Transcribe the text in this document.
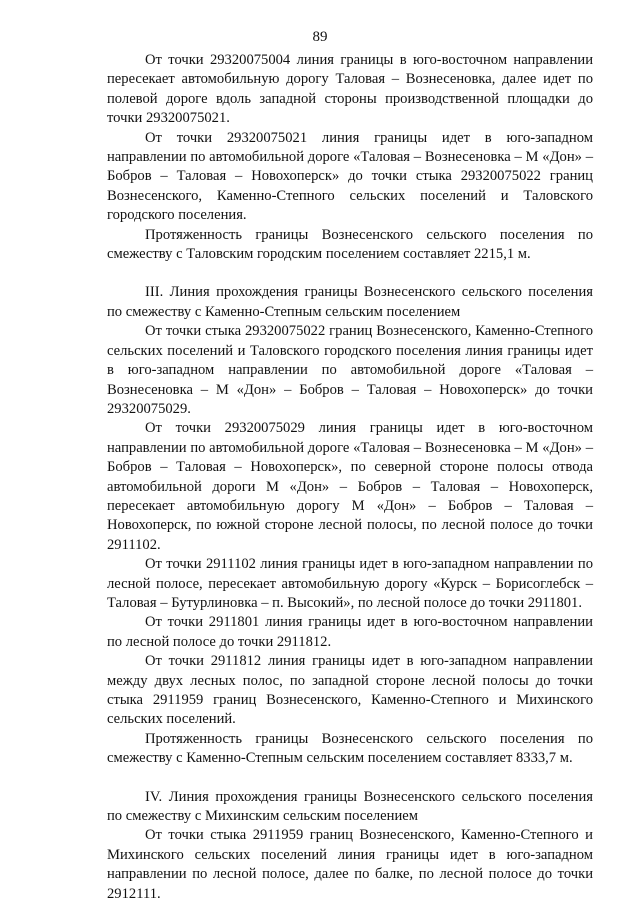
89

От точки 29320075004 линия границы в юго-восточном направлении пересекает автомобильную дорогу Таловая – Вознесеновка, далее идет по полевой дороге вдоль западной стороны производственной площадки до точки 29320075021.

От точки 29320075021 линия границы идет в юго-западном направлении по автомобильной дороге «Таловая – Вознесеновка – М «Дон» – Бобров – Таловая – Новохоперск» до точки стыка 29320075022 границ Вознесенского, Каменно-Степного сельских поселений и Таловского городского поселения.

Протяженность границы Вознесенского сельского поселения по смежеству с Таловским городским поселением составляет 2215,1 м.

III. Линия прохождения границы Вознесенского сельского поселения по смежеству с Каменно-Степным сельским поселением

От точки стыка 29320075022 границ Вознесенского, Каменно-Степного сельских поселений и Таловского городского поселения линия границы идет в юго-западном направлении по автомобильной дороге «Таловая – Вознесеновка – М «Дон» – Бобров – Таловая – Новохоперск» до точки 29320075029.

От точки 29320075029 линия границы идет в юго-восточном направлении по автомобильной дороге «Таловая – Вознесеновка – М «Дон» – Бобров – Таловая – Новохоперск», по северной стороне полосы отвода автомобильной дороги М «Дон» – Бобров – Таловая – Новохоперск, пересекает автомобильную дорогу М «Дон» – Бобров – Таловая – Новохоперск, по южной стороне лесной полосы, по лесной полосе до точки 2911102.

От точки 2911102 линия границы идет в юго-западном направлении по лесной полосе, пересекает автомобильную дорогу «Курск – Борисоглебск – Таловая – Бутурлиновка – п. Высокий», по лесной полосе до точки 2911801.

От точки 2911801 линия границы идет в юго-восточном направлении по лесной полосе до точки 2911812.

От точки 2911812 линия границы идет в юго-западном направлении между двух лесных полос, по западной стороне лесной полосы до точки стыка 2911959 границ Вознесенского, Каменно-Степного и Михинского сельских поселений.

Протяженность границы Вознесенского сельского поселения по смежеству с Каменно-Степным сельским поселением составляет 8333,7 м.

IV. Линия прохождения границы Вознесенского сельского поселения по смежеству с Михинским сельским поселением

От точки стыка 2911959 границ Вознесенского, Каменно-Степного и Михинского сельских поселений линия границы идет в юго-западном направлении по лесной полосе, далее по балке, по лесной полосе до точки 2912111.
